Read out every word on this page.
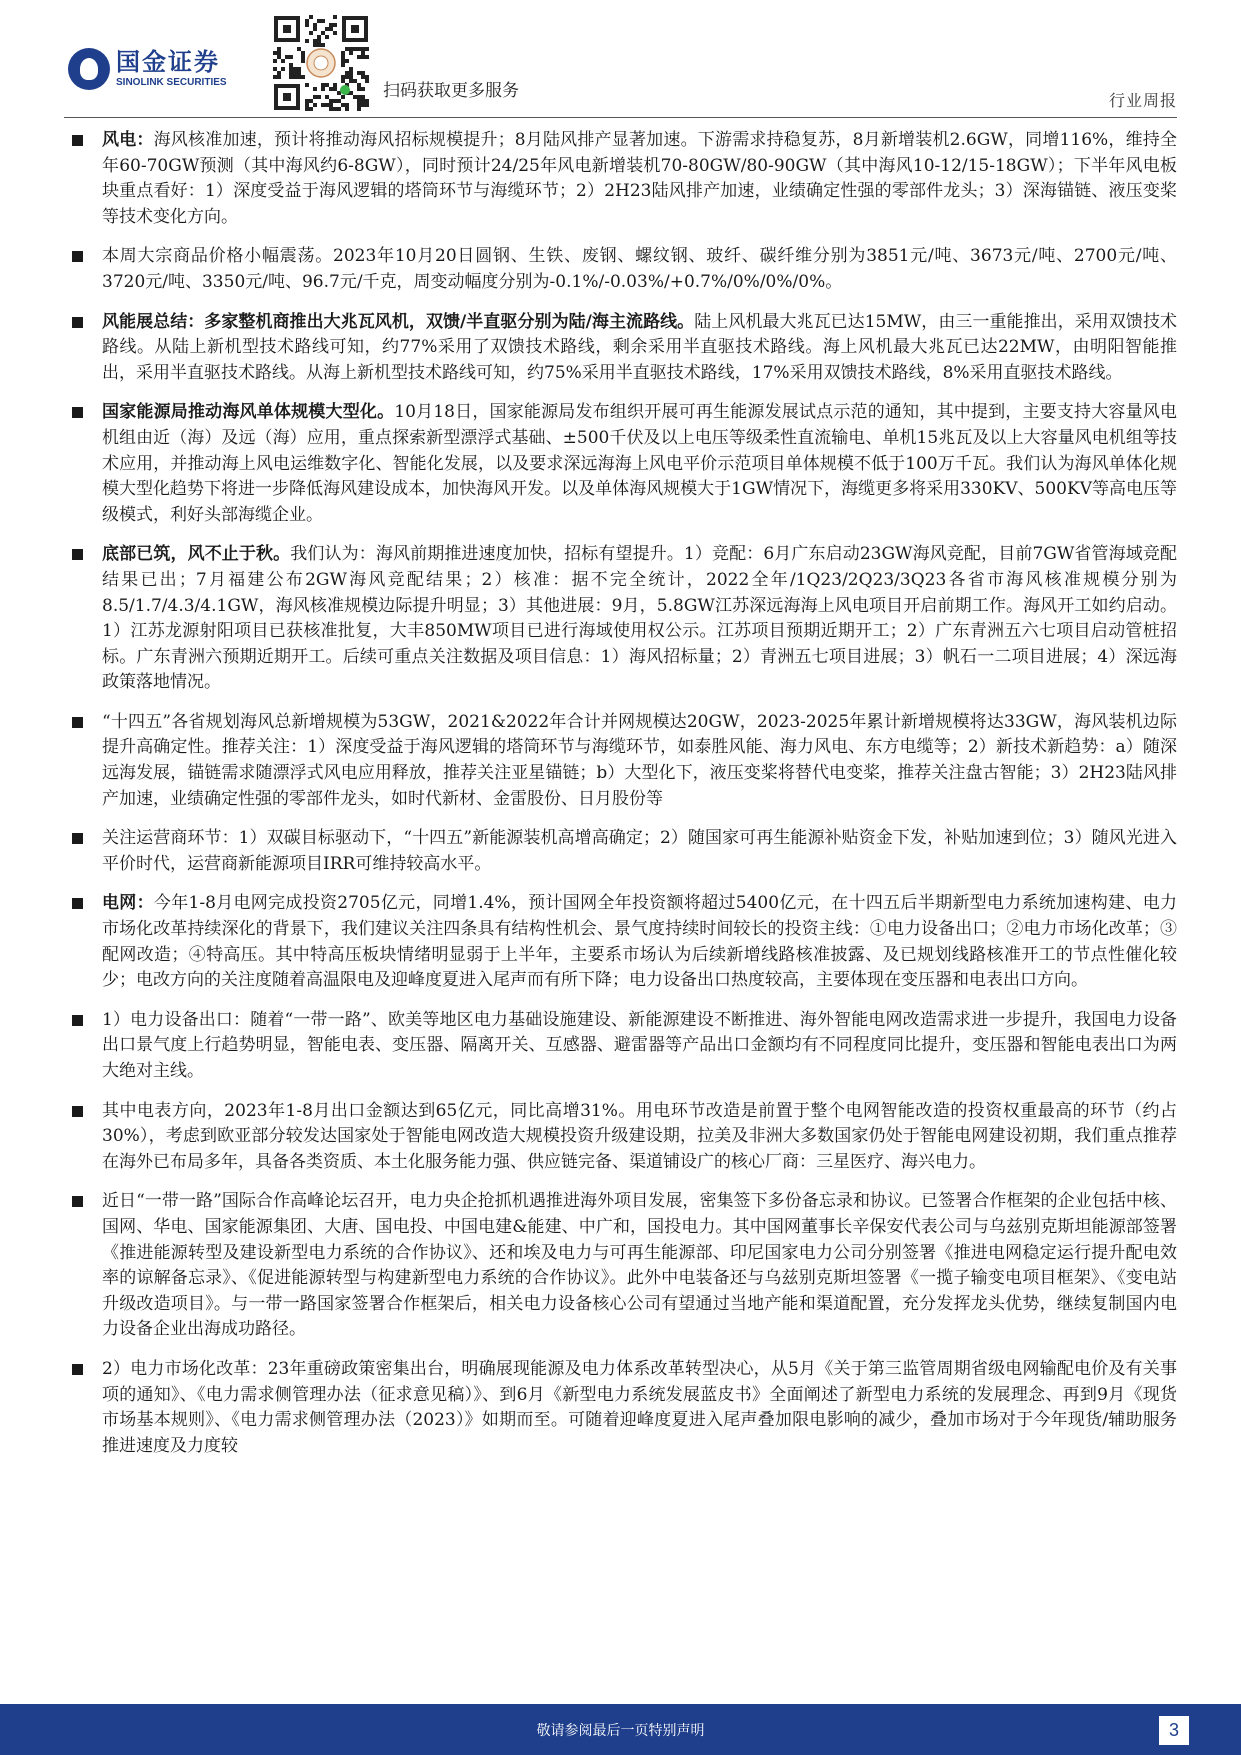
国金证券
SINOLINK SECURITIES	扫码获取更多服务
行业周报
风电：海风核准加速，预计将推动海风招标规模提升；8月陆风排产显著加速。下游需求持稳复苏，8月新增装机2.6GW，同增116%，维持全年60-70GW预测（其中海风约6-8GW），同时预计24/25年风电新增装机70-80GW/80-90GW（其中海风10-12/15-18GW）；下半年风电板块重点看好：1）深度受益于海风逻辑的塔筒环节与海缆环节；2）2H23陆风排产加速，业绩确定性强的零部件龙头；3）深海锚链、液压变桨等技术变化方向。
本周大宗商品价格小幅震荡。2023年10月20日圆钢、生铁、废钢、螺纹钢、玻纤、碳纤维分别为3851元/吨、3673元/吨、2700元/吨、3720元/吨、3350元/吨、96.7元/千克，周变动幅度分别为-0.1%/-0.03%/+0.7%/0%/0%/0%。
风能展总结：多家整机商推出大兆瓦风机，双馈/半直驱分别为陆/海主流路线。陆上风机最大兆瓦已达15MW，由三一重能推出，采用双馈技术路线。从陆上新机型技术路线可知，约77%采用了双馈技术路线，剩余采用半直驱技术路线。海上风机最大兆瓦已达22MW，由明阳智能推出，采用半直驱技术路线。从海上新机型技术路线可知，约75%采用半直驱技术路线，17%采用双馈技术路线，8%采用直驱技术路线。
国家能源局推动海风单体规模大型化。10月18日，国家能源局发布组织开展可再生能源发展试点示范的通知，其中提到，主要支持大容量风电机组由近（海）及远（海）应用，重点探索新型漂浮式基础、±500千伏及以上电压等级柔性直流输电、单机15兆瓦及以上大容量风电机组等技术应用，并推动海上风电运维数字化、智能化发展，以及要求深远海海上风电平价示范项目单体规模不低于100万千瓦。我们认为海风单体化规模大型化趋势下将进一步降低海风建设成本，加快海风开发。以及单体海风规模大于1GW情况下，海缆更多将采用330KV、500KV等高电压等级模式，利好头部海缆企业。
底部已筑，风不止于秋。我们认为：海风前期推进速度加快，招标有望提升。1）竞配：6月广东启动23GW海风竞配，目前7GW省管海域竞配结果已出；7月福建公布2GW海风竞配结果；2）核准：据不完全统计，2022全年/1Q23/2Q23/3Q23各省市海风核准规模分别为8.5/1.7/4.3/4.1GW，海风核准规模边际提升明显；3）其他进展：9月，5.8GW江苏深远海海上风电项目开启前期工作。海风开工如约启动。1）江苏龙源射阳项目已获核准批复，大丰850MW项目已进行海域使用权公示。江苏项目预期近期开工；2）广东青洲五六七项目启动管桩招标。广东青洲六预期近期开工。后续可重点关注数据及项目信息：1）海风招标量；2）青洲五七项目进展；3）帆石一二项目进展；4）深远海政策落地情况。
“十四五”各省规划海风总新增规模为53GW，2021&2022年合计并网规模达20GW，2023-2025年累计新增规模将达33GW，海风装机边际提升高确定性。推荐关注：1）深度受益于海风逻辑的塔筒环节与海缆环节，如泰胜风能、海力风电、东方电缆等；2）新技术新趋势：a）随深远海发展，锚链需求随漂浮式风电应用释放，推荐关注亚星锚链；b）大型化下，液压变桨将替代电变桨，推荐关注盘古智能；3）2H23陆风排产加速，业绩确定性强的零部件龙头，如时代新材、金雷股份、日月股份等
关注运营商环节：1）双碳目标驱动下，“十四五”新能源装机高增高确定；2）随国家可再生能源补贴资金下发，补贴加速到位；3）随风光进入平价时代，运营商新能源项目IRR可维持较高水平。
电网：今年1-8月电网完成投资2705亿元，同增1.4%，预计国网全年投资额将超过5400亿元，在十四五后半期新型电力系统加速构建、电力市场化改革持续深化的背景下，我们建议关注四条具有结构性机会、景气度持续时间较长的投资主线：①电力设备出口；②电力市场化改革；③配网改造；④特高压。其中特高压板块情绪明显弱于上半年，主要系市场认为后续新增线路核准披露、及已规划线路核准开工的节点性催化较少；电改方向的关注度随着高温限电及迎峰度夏进入尾声而有所下降；电力设备出口热度较高，主要体现在变压器和电表出口方向。
1）电力设备出口：随着“一带一路”、欧美等地区电力基础设施建设、新能源建设不断推进、海外智能电网改造需求进一步提升，我国电力设备出口景气度上行趋势明显，智能电表、变压器、隔离开关、互感器、避雷器等产品出口金额均有不同程度同比提升，变压器和智能电表出口为两大绝对主线。
其中电表方向，2023年1-8月出口金额达到65亿元，同比高增31%。用电环节改造是前置于整个电网智能改造的投资权重最高的环节（约占30%），考虑到欧亚部分较发达国家处于智能电网改造大规模投资升级建设期，拉美及非洲大多数国家仍处于智能电网建设初期，我们重点推荐在海外已布局多年，具备各类资质、本土化服务能力强、供应链完备、渠道铺设广的核心厂商：三星医疗、海兴电力。
近日“一带一路”国际合作高峰论坛召开，电力央企抢抓机遇推进海外项目发展，密集签下多份备忘录和协议。已签署合作框架的企业包括中核、国网、华电、国家能源集团、大唐、国电投、中国电建&能建、中广和，国投电力。其中国网董事长辛保安代表公司与乌兹别克斯坦能源部签署《推进能源转型及建设新型电力系统的合作协议》、还和埃及电力与可再生能源部、印尼国家电力公司分别签署《推进电网稳定运行提升配电效率的谅解备忘录》、《促进能源转型与构建新型电力系统的合作协议》。此外中电装备还与乌兹别克斯坦签署《一揽子输变电项目框架》、《变电站升级改造项目》。与一带一路国家签署合作框架后，相关电力设备核心公司有望通过当地产能和渠道配置，充分发挥龙头优势，继续复制国内电力设备企业出海成功路径。
2）电力市场化改革：23年重磅政策密集出台，明确展现能源及电力体系改革转型决心，从5月《关于第三监管周期省级电网输配电价及有关事项的通知》、《电力需求侧管理办法（征求意见稿）》、到6月《新型电力系统发展蓝皮书》全面阐述了新型电力系统的发展理念、再到9月《现货市场基本规则》、《电力需求侧管理办法（2023）》如期而至。可随着迎峰度夏进入尾声叠加限电影响的减少，叠加市场对于今年现货/辅助服务推进速度及力度较
敬请参阅最后一页特别声明	3
